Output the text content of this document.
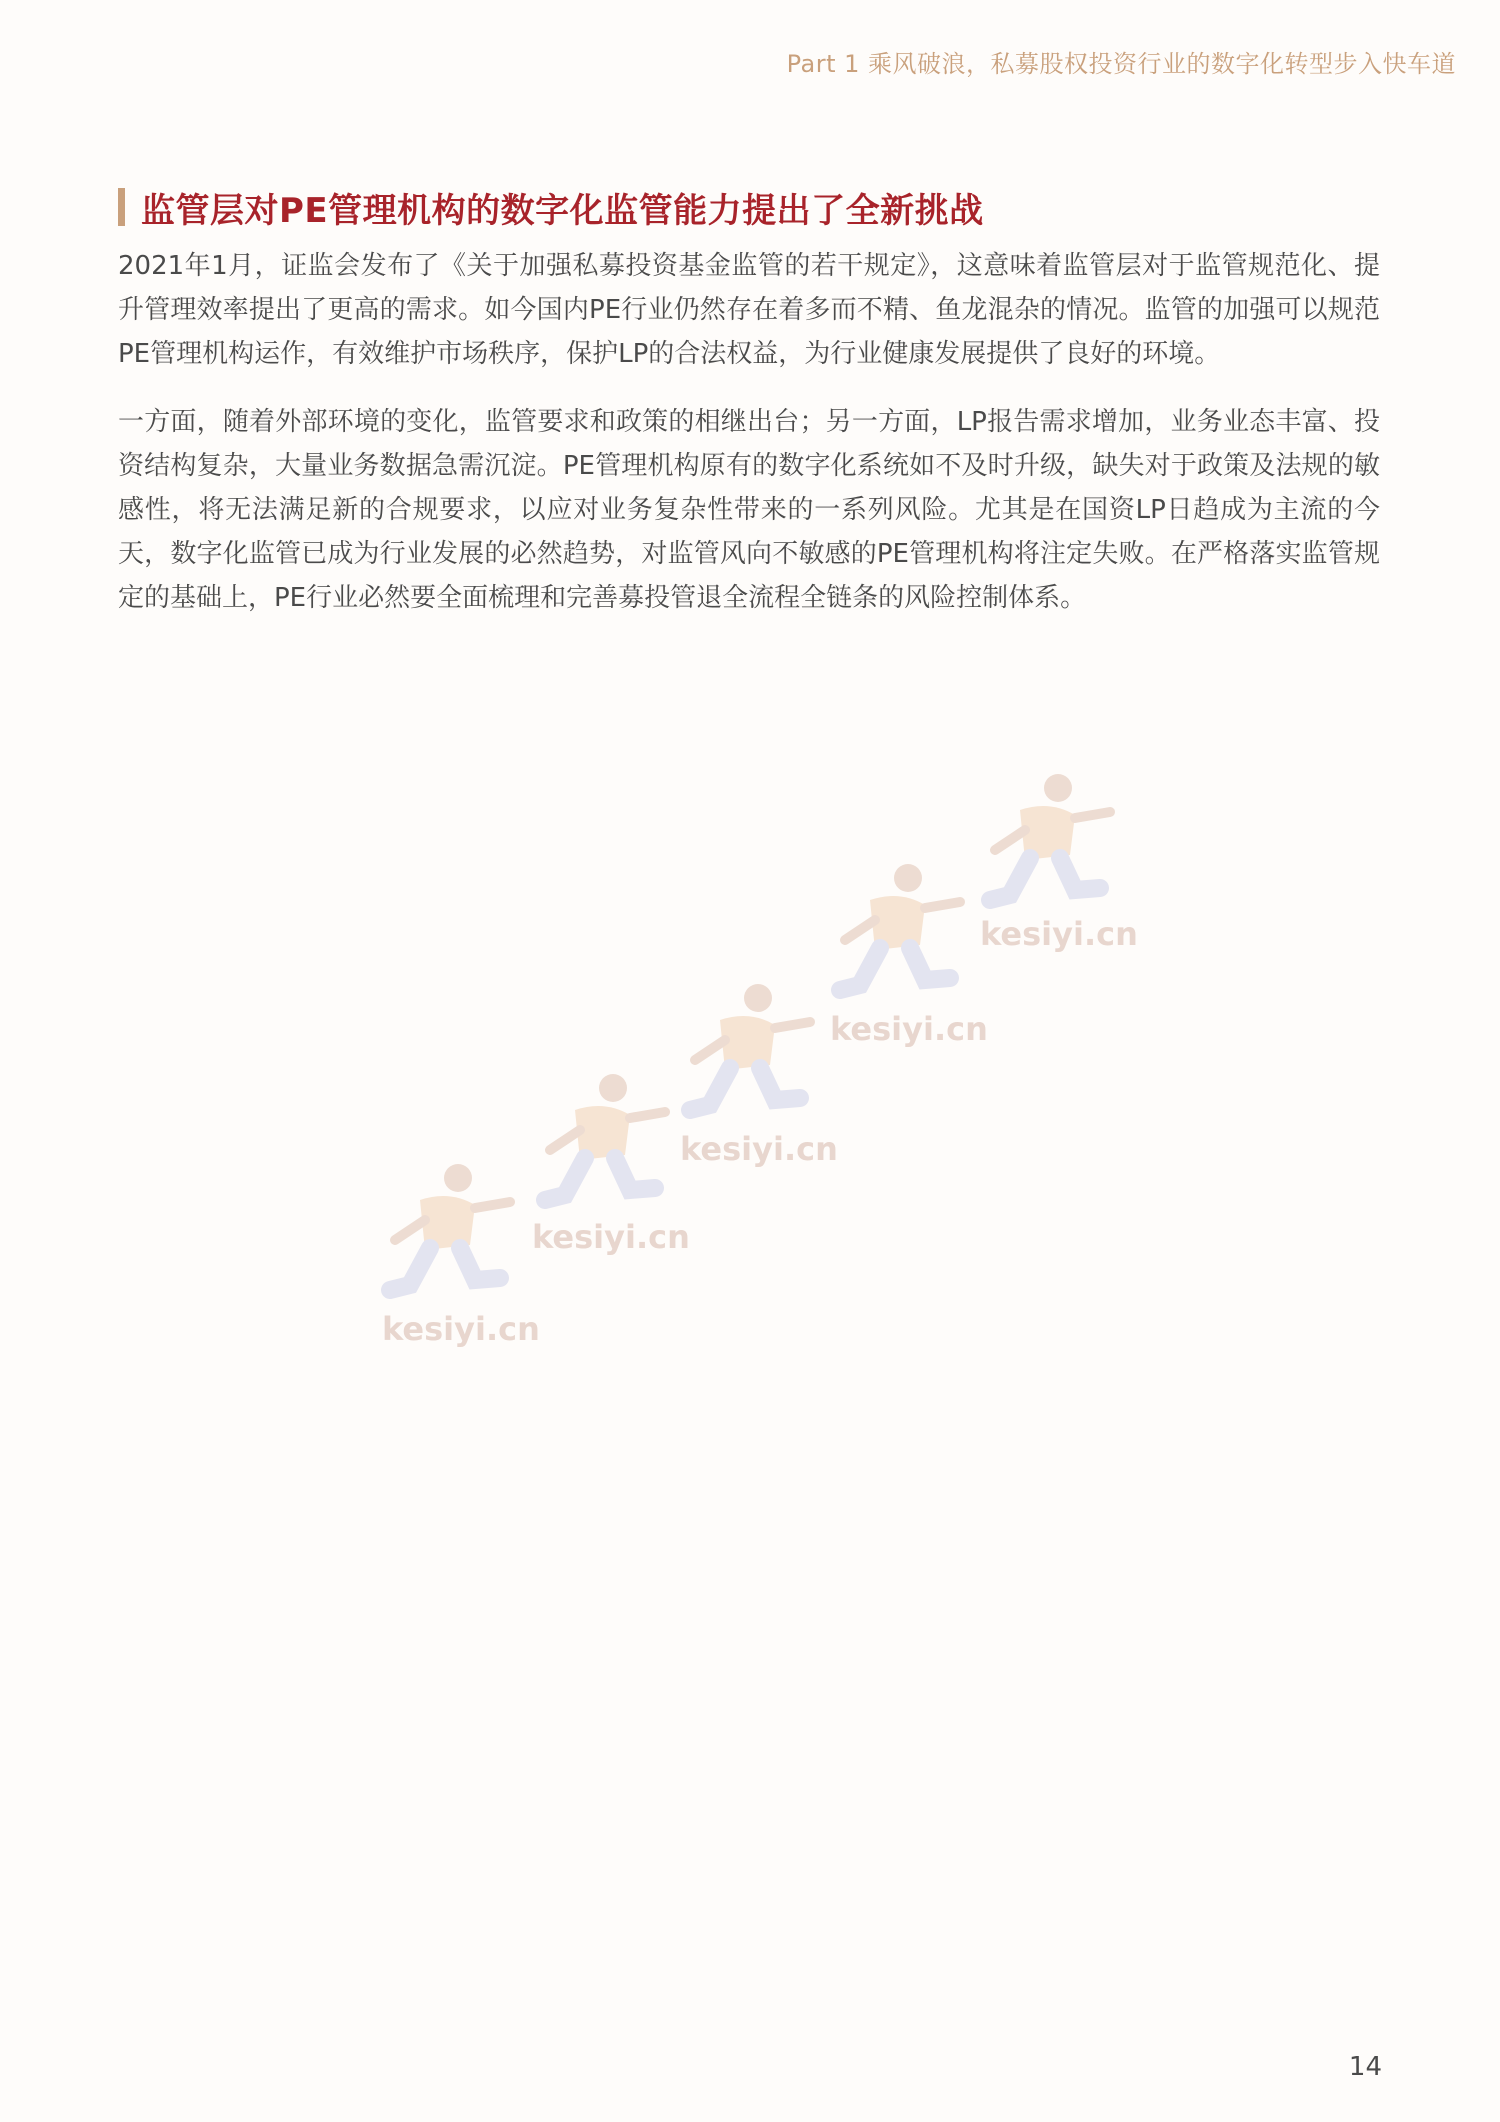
Part 1 乘风破浪，私募股权投资行业的数字化转型步入快车道
监管层对PE管理机构的数字化监管能力提出了全新挑战

2021年1月，证监会发布了《关于加强私募投资基金监管的若干规定》，这意味着监管层对于监管规范化、提升管理效率提出了更高的需求。如今国内PE行业仍然存在着多而不精、鱼龙混杂的情况。监管的加强可以规范PE管理机构运作，有效维护市场秩序，保护LP的合法权益，为行业健康发展提供了良好的环境。

一方面，随着外部环境的变化，监管要求和政策的相继出台；另一方面，LP报告需求增加，业务业态丰富、投资结构复杂，大量业务数据急需沉淀。PE管理机构原有的数字化系统如不及时升级，缺失对于政策及法规的敏感性，将无法满足新的合规要求，以应对业务复杂性带来的一系列风险。尤其是在国资LP日趋成为主流的今天，数字化监管已成为行业发展的必然趋势，对监管风向不敏感的PE管理机构将注定失败。在严格落实监管规定的基础上，PE行业必然要全面梳理和完善募投管退全流程全链条的风险控制体系。

kesiyi.cn
kesiyi.cn
kesiyi.cn
kesiyi.cn
kesiyi.cn
14
